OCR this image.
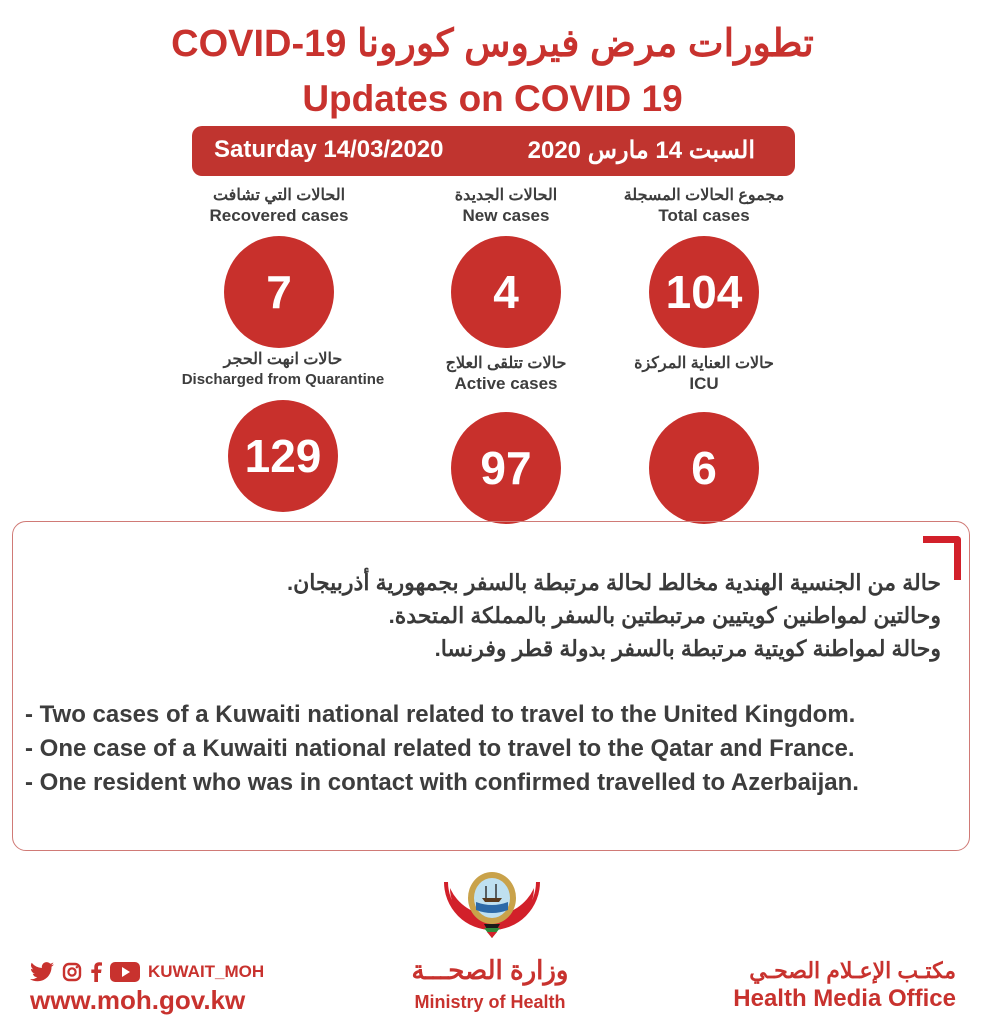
تطورات مرض فيروس كورونا COVID-19
Updates on COVID 19
Saturday 14/03/2020	السبت 14 مارس 2020
مجموع الحالات المسجلة
Total cases
104
الحالات الجديدة
New cases
4
الحالات التي تشافت
Recovered cases
7
حالات العناية المركزة
ICU
6
حالات تتلقى العلاج
Active cases
97
حالات انهت الحجر
Discharged from Quarantine
129
حالة من الجنسية الهندية مخالط لحالة مرتبطة بالسفر بجمهورية أذربيجان.
وحالتين لمواطنين كويتيين مرتبطتين بالسفر بالمملكة المتحدة.
وحالة لمواطنة كويتية مرتبطة بالسفر بدولة قطر وفرنسا.
- Two cases of a Kuwaiti national related to travel to the United Kingdom.
- One case of a Kuwaiti national related to travel to the Qatar and France.
- One resident who was in contact with confirmed travelled to Azerbaijan.
KUWAIT_MOH
www.moh.gov.kw
وزارة الصحـــة
Ministry of Health
مكتـب الإعـلام الصحـي
Health Media Office
